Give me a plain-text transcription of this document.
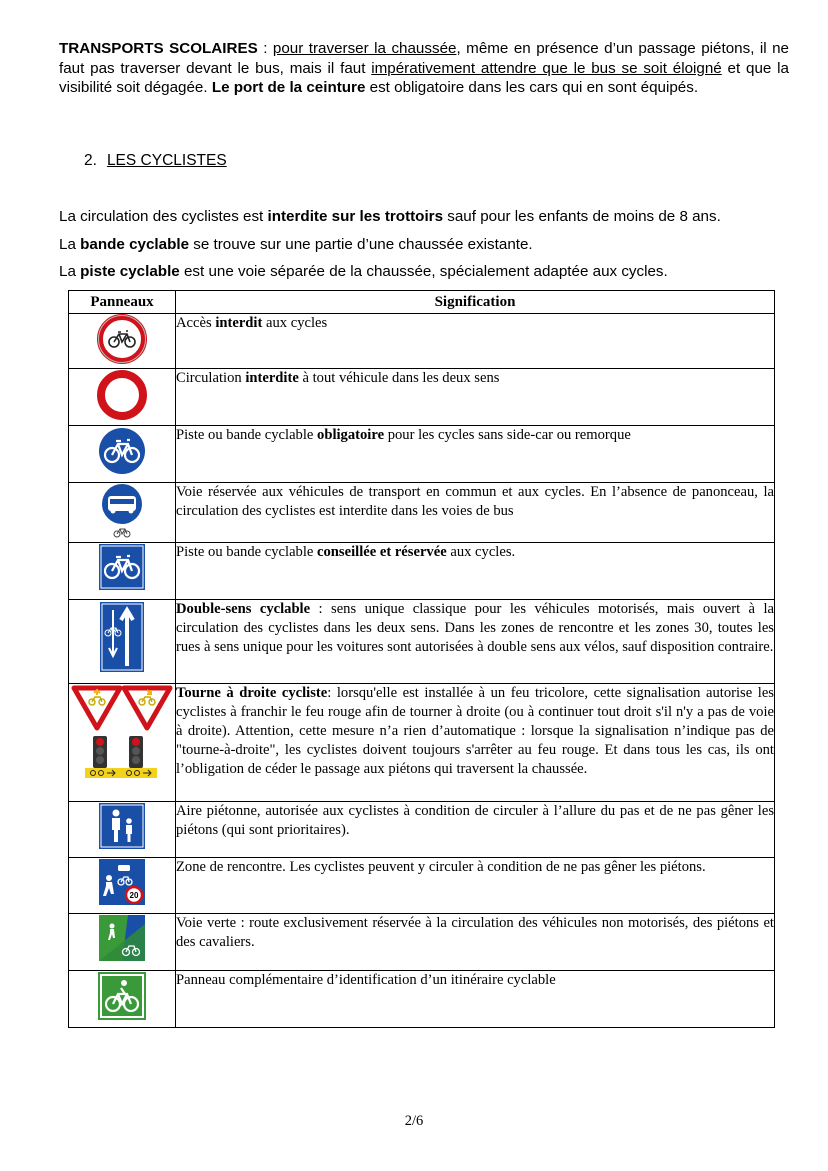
TRANSPORTS SCOLAIRES : pour traverser la chaussée, même en présence d’un passage piétons, il ne faut pas traverser devant le bus, mais il faut impérativement attendre que le bus se soit éloigné et que la visibilité soit dégagée. Le port de la ceinture est obligatoire dans les cars qui en sont équipés.
2. LES CYCLISTES
La circulation des cyclistes est interdite sur les trottoirs sauf pour les enfants de moins de 8 ans.
La bande cyclable se trouve sur une partie d’une chaussée existante.
La piste cyclable est une voie séparée de la chaussée, spécialement adaptée aux cycles.
Panneaux	Signification

	Accès interdit aux cycles

	Circulation interdite à tout véhicule dans les deux sens

	Piste ou bande cyclable obligatoire pour les cycles sans side-car ou remorque

	Voie réservée aux véhicules de transport en commun et aux cycles. En l’absence de panonceau, la circulation des cyclistes est interdite dans les voies de bus

	Piste ou bande cyclable conseillée et réservée aux cycles.

	Double-sens cyclable : sens unique classique pour les véhicules motorisés, mais ouvert à la circulation des cyclistes dans les deux sens. Dans les zones de rencontre et les zones 30, toutes les rues à sens unique pour les voitures sont autorisées à double sens aux vélos, sauf disposition contraire.

	Tourne à droite cycliste: lorsqu'elle est installée à un feu tricolore, cette signalisation autorise les cyclistes à franchir le feu rouge afin de tourner à droite (ou à continuer tout droit s'il n'y a pas de voie à droite). Attention, cette mesure n’a rien d’automatique : lorsque la signalisation n’indique pas de "tourne-à-droite", les cyclistes doivent toujours s'arrêter au feu rouge. Et dans tous les cas, ils ont l’obligation de céder le passage aux piétons qui traversent la chaussée.

	Aire piétonne, autorisée aux cyclistes à condition de circuler à l’allure du pas et de ne pas gêner les piétons (qui sont prioritaires).

20	Zone de rencontre. Les cyclistes peuvent y circuler à condition de ne pas gêner les piétons.

	Voie verte : route exclusivement réservée à la circulation des véhicules non motorisés, des piétons et des cavaliers.

	Panneau complémentaire d’identification d’un itinéraire cyclable
2/6
